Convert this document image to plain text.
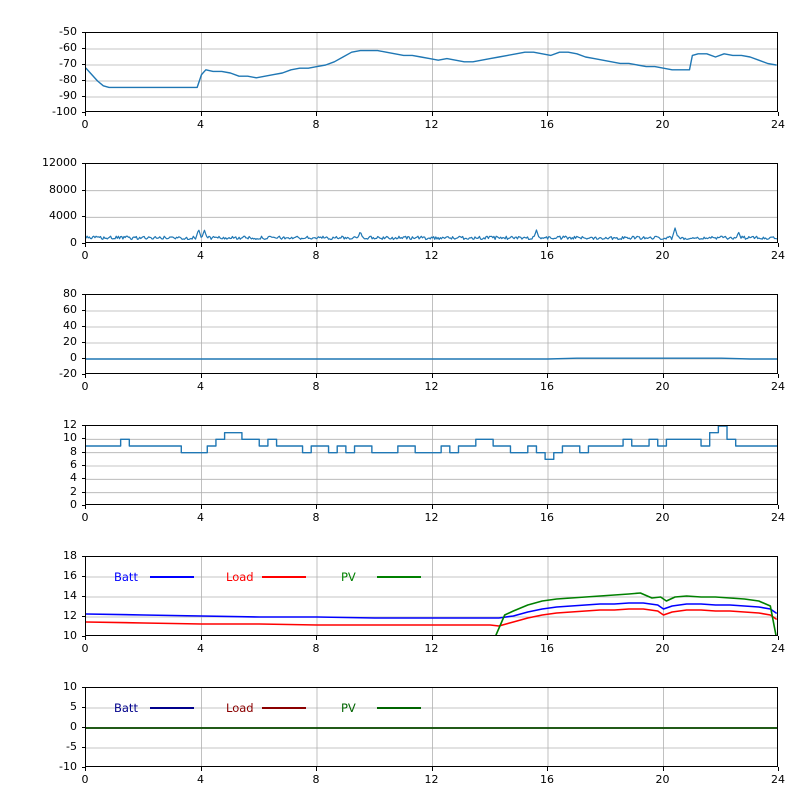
0	4	8	12	16	20	24
-100
-90
-80
-70
-60
-50
0	4	8	12	16	20	24
0
4000
8000
12000
0	4	8	12	16	20	24
-20
0
20
40
60
80
0	4	8	12	16	20	24
0
2
4
6
8
10
12
Batt	Load	PV
0	4	8	12	16	20	24
10
12
14
16
18
Batt	Load	PV
0	4	8	12	16	20	24
-10
-5
0
5
10
